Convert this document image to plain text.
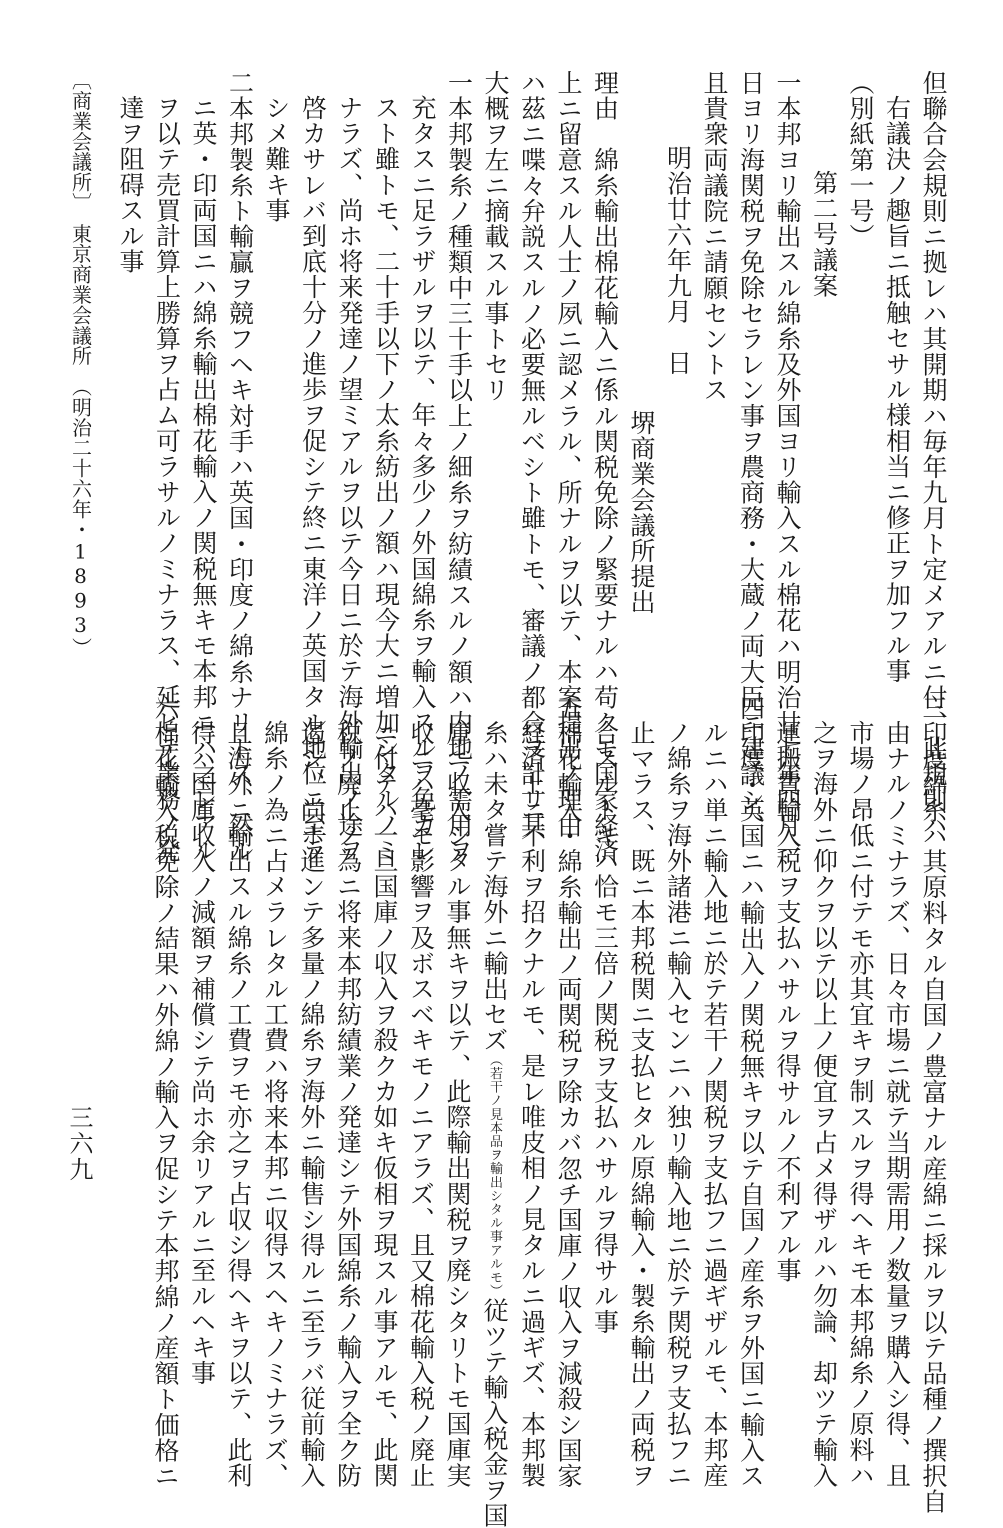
但聯合会規則ニ拠レハ其開期ハ毎年九月ト定メアルニ付、此規則ハ
右議決ノ趣旨ニ抵触セサル様相当ニ修正ヲ加フル事
（別紙第一号）
第二号議案
一本邦ヨリ輸出スル綿糸及外国ヨリ輸入スル棉花ハ明治廿七年四月一
日ヨリ海関税ヲ免除セラレン事ヲ農商務・大蔵ノ両大臣ニ建議シ、
且貴衆両議院ニ請願セントス
明治廿六年九月　日
堺商業会議所提出
理由　綿糸輸出棉花輸入ニ係ル関税免除ノ緊要ナルハ苟クモ国家経済
上ニ留意スル人士ノ夙ニ認メラル、所ナルヲ以テ、本案提出ノ理由
ハ茲ニ喋々弁説スルノ必要無ルベシト雖トモ、審議ノ都合ヲ計リ其
大概ヲ左ニ摘載スル事トセリ
一本邦製糸ノ種類中三十手以上ノ細糸ヲ紡績スルノ額ハ内地ノ需用ヲ
充タスニ足ラザルヲ以テ、年々多少ノ外国綿糸ヲ輸入スルヲ免カレ
スト雖トモ、二十手以下ノ太糸紡出ノ額ハ現今大ニ増加シタルノミ
ナラズ、尚ホ将来発達ノ望ミアルヲ以テ今日ニ於テ海外輸出ノ途ヲ
啓カサレバ到底十分ノ進歩ヲ促シテ終ニ東洋ノ英国タル地位ニ至ラ
シメ難キ事
二本邦製糸ト輸贏ヲ競フヘキ対手ハ英国・印度ノ綿糸ナリトス、然ル
ニ英・印両国ニハ綿糸輸出棉花輸入ノ関税無キモ本邦ニハ之レアル
ヲ以テ売買計算上勝算ヲ占ム可ラサルノミナラス、延ヒテ業務ノ発
達ヲ阻碍スル事
〔商業会議所〕　東京商業会議所　（明治二十六年・1893）
三印度綿糸ハ其原料タル自国ノ豊富ナル産綿ニ採ルヲ以テ品種ノ撰択自
由ナルノミナラズ、日々市場ニ就テ当期需用ノ数量ヲ購入シ得、且
市場ノ昂低ニ付テモ亦其宜キヲ制スルヲ得ヘキモ本邦綿糸ノ原料ハ
之ヲ海外ニ仰クヲ以テ以上ノ便宜ヲ占メ得ザルハ勿論、却ツテ輸入
運搬費輸入税ヲ支払ハサルヲ得サルノ不利アル事
四印度・英国ニハ輸出入ノ関税無キヲ以テ自国ノ産糸ヲ外国ニ輸入ス
ルニハ単ニ輸入地ニ於テ若干ノ関税ヲ支払フニ過ギザルモ、本邦産
ノ綿糸ヲ海外諸港ニ輸入センニハ独リ輸入地ニ於テ関税ヲ支払フニ
止マラス、既ニ本邦税関ニ支払ヒタル原綿輸入・製糸輸出ノ両税ヲ
合スルトキハ恰モ三倍ノ関税ヲ支払ハサルヲ得サル事
五棉花輸入・綿糸輸出ノ両関税ヲ除カバ忽チ国庫ノ収入ヲ減殺シ国家
経済上ニ不利ヲ招クナルモ、是レ唯皮相ノ見タルニ過ギズ、本邦製
糸ハ未タ嘗テ海外ニ輸出セズ（若干ノ見本品ヲ輸出シタル事アルモ）従ツテ輸入税金ヲ国
庫ニ収入シタル事無キヲ以テ、此際輸出関税ヲ廃シタリトモ国庫実
収ニハ毫モ影響ヲ及ボスベキモノニアラズ、且又棉花輸入税ノ廃止
ニ付テハ一旦国庫ノ収入ヲ殺クカ如キ仮相ヲ現スル事アルモ、此関
税ノ廃止ノ為ニ将来本邦紡績業ノ発達シテ外国綿糸ノ輸入ヲ全ク防
遏シ、尚ホ進ンテ多量ノ綿糸ヲ海外ニ輸售シ得ルニ至ラバ従前輸入
綿糸ノ為ニ占メラレタル工費ハ将来本邦ニ収得スヘキノミナラズ、
且海外ニ輸出スル綿糸ノ工費ヲモ亦之ヲ占収シ得ヘキヲ以テ、此利
得ハ国庫収入ノ減額ヲ補償シテ尚ホ余リアルニ至ルヘキ事
六棉花輸入税免除ノ結果ハ外綿ノ輸入ヲ促シテ本邦綿ノ産額ト価格ニ
三六九
